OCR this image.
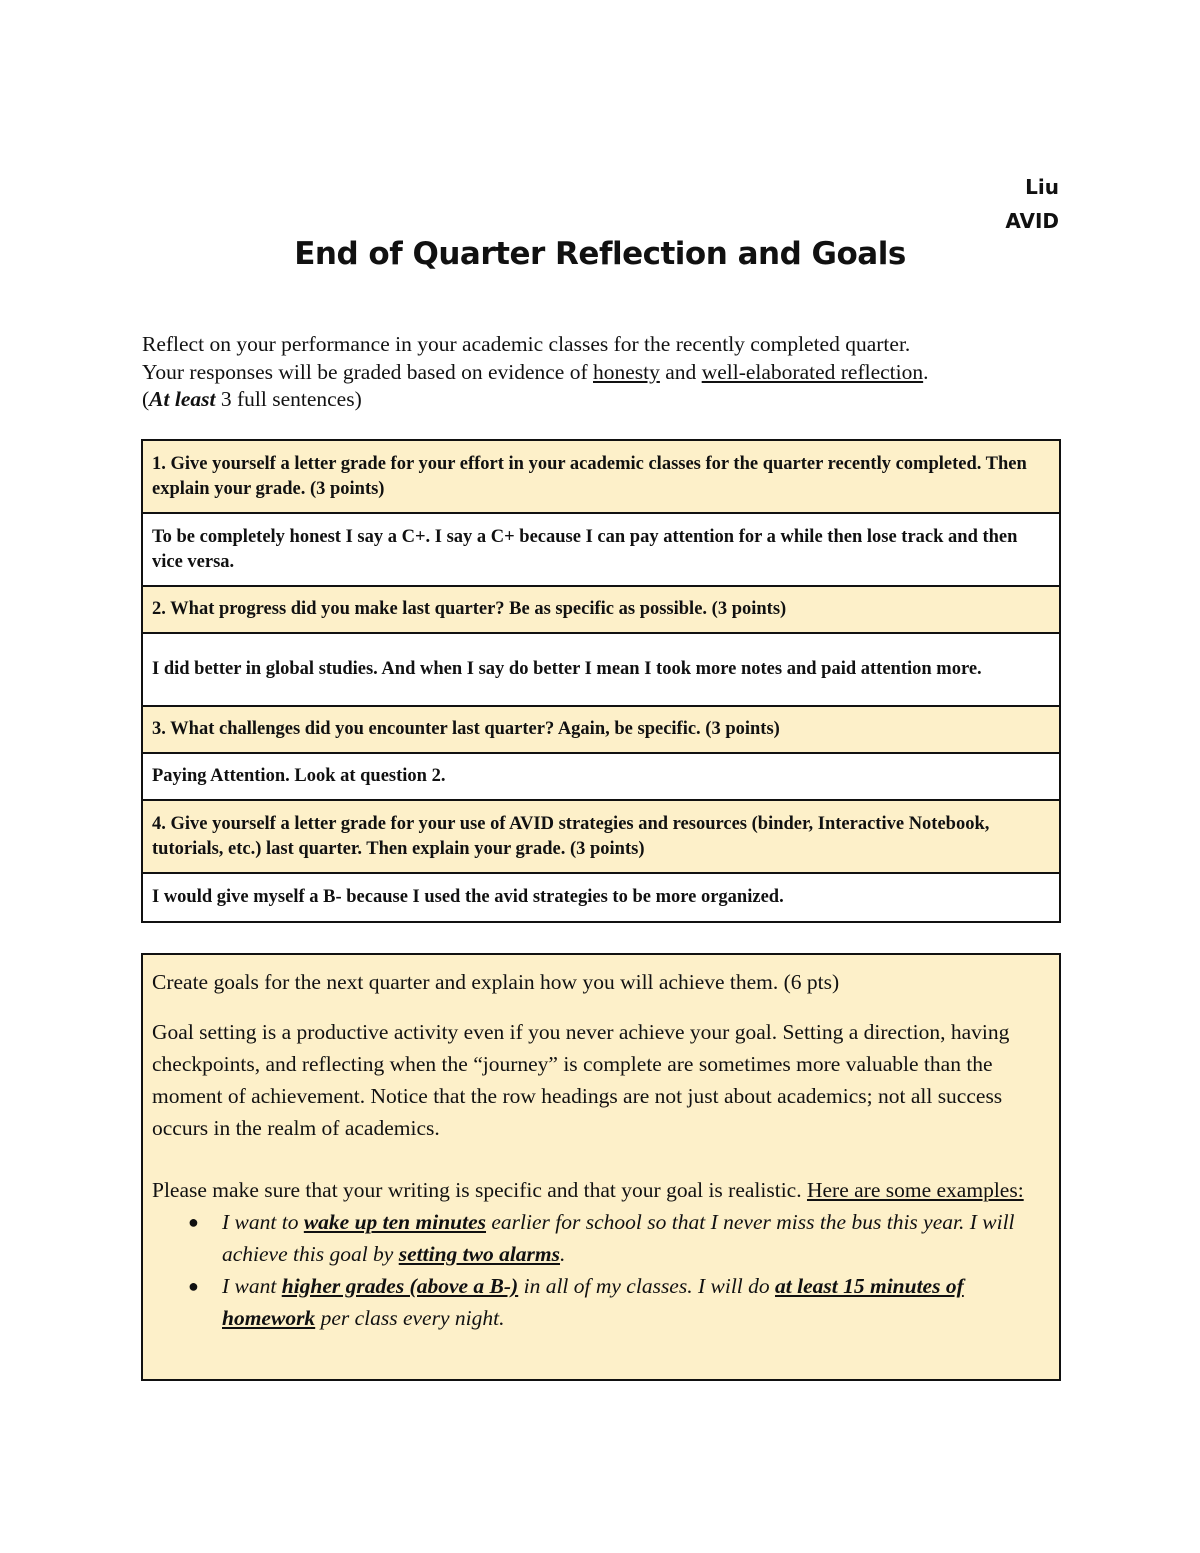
Liu
AVID
End of Quarter Reflection and Goals

Reflect on your performance in your academic classes for the recently completed quarter.

Your responses will be graded based on evidence of honesty and well-elaborated reflection.

(At least 3 full sentences)

1. Give yourself a letter grade for your effort in your academic classes for the quarter recently completed. Then explain your grade. (3 points)
To be completely honest I say a C+. I say a C+ because I can pay attention for a while then lose track and then vice versa.
2. What progress did you make last quarter? Be as specific as possible. (3 points)
I did better in global studies. And when I say do better I mean I took more notes and paid attention more.
3. What challenges did you encounter last quarter? Again, be specific. (3 points)
Paying Attention. Look at question 2.
4. Give yourself a letter grade for your use of AVID strategies and resources (binder, Interactive Notebook, tutorials, etc.) last quarter. Then explain your grade. (3 points)
I would give myself a B- because I used the avid strategies to be more organized.

Create goals for the next quarter and explain how you will achieve them. (6 pts)

Goal setting is a productive activity even if you never achieve your goal. Setting a direction, having checkpoints, and reflecting when the “journey” is complete are sometimes more valuable than the moment of achievement. Notice that the row headings are not just about academics; not all success occurs in the realm of academics.

Please make sure that your writing is specific and that your goal is realistic. Here are some examples:

● I want to wake up ten minutes earlier for school so that I never miss the bus this year. I will achieve this goal by setting two alarms.
● I want higher grades (above a B-) in all of my classes. I will do at least 15 minutes of homework per class every night.
